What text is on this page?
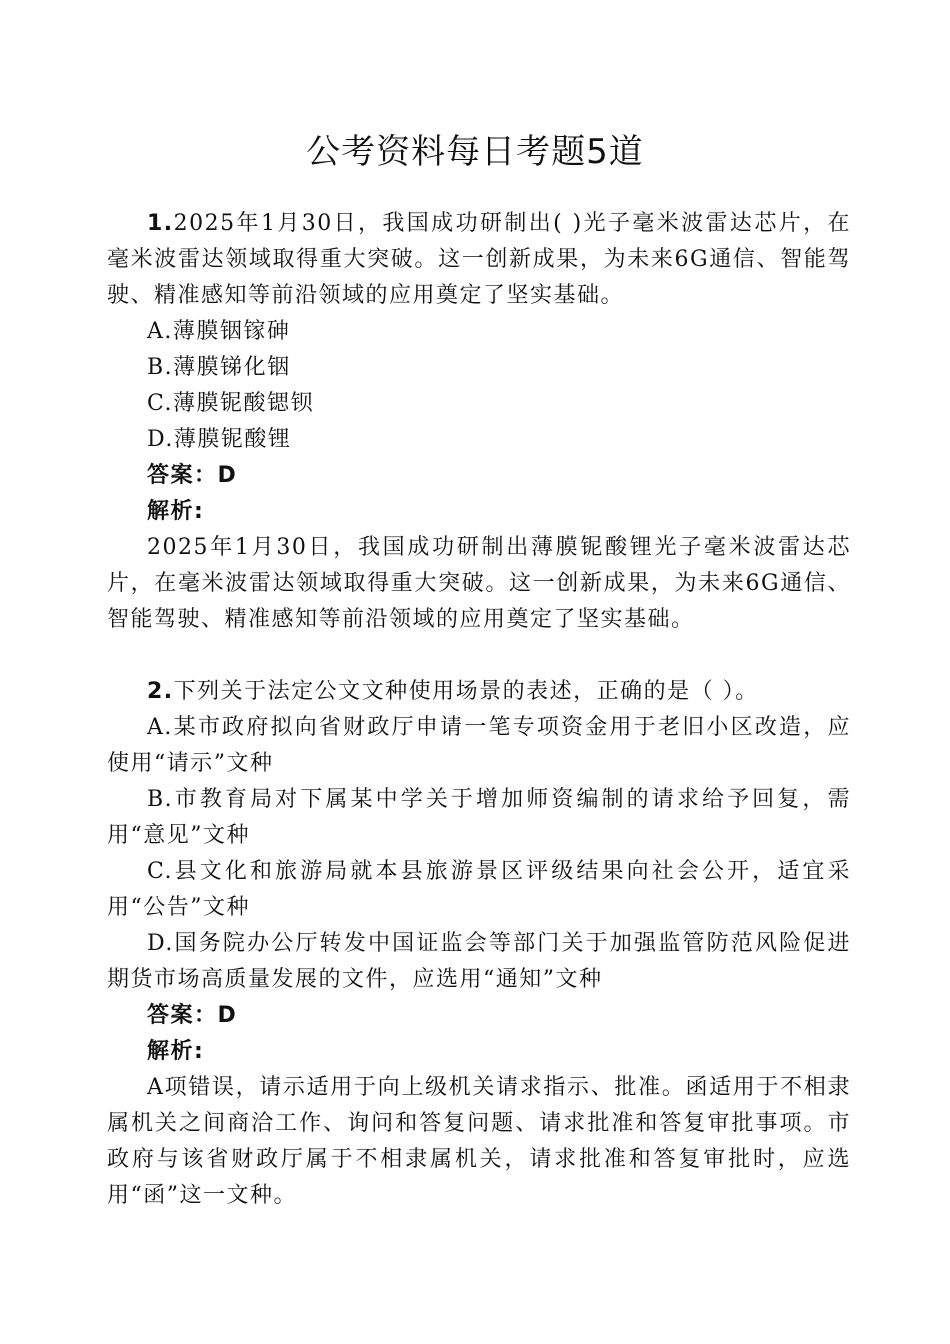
公考资料每日考题5道

1.2025年1月30日，我国成功研制出( )光子毫米波雷达芯片，在毫米波雷达领域取得重大突破。这一创新成果，为未来6G通信、智能驾驶、精准感知等前沿领域的应用奠定了坚实基础。

A.薄膜铟镓砷

B.薄膜锑化铟

C.薄膜铌酸锶钡

D.薄膜铌酸锂

答案：D

解析:

2025年1月30日，我国成功研制出薄膜铌酸锂光子毫米波雷达芯片，在毫米波雷达领域取得重大突破。这一创新成果，为未来6G通信、智能驾驶、精准感知等前沿领域的应用奠定了坚实基础。

2.下列关于法定公文文种使用场景的表述，正确的是（ ）。

A.某市政府拟向省财政厅申请一笔专项资金用于老旧小区改造，应使用“请示”文种

B.市教育局对下属某中学关于增加师资编制的请求给予回复，需用“意见”文种

C.县文化和旅游局就本县旅游景区评级结果向社会公开，适宜采用“公告”文种

D.国务院办公厅转发中国证监会等部门关于加强监管防范风险促进期货市场高质量发展的文件，应选用“通知”文种

答案：D

解析:

A项错误，请示适用于向上级机关请求指示、批准。函适用于不相隶属机关之间商洽工作、询问和答复问题、请求批准和答复审批事项。市政府与该省财政厅属于不相隶属机关，请求批准和答复审批时，应选用“函”这一文种。
